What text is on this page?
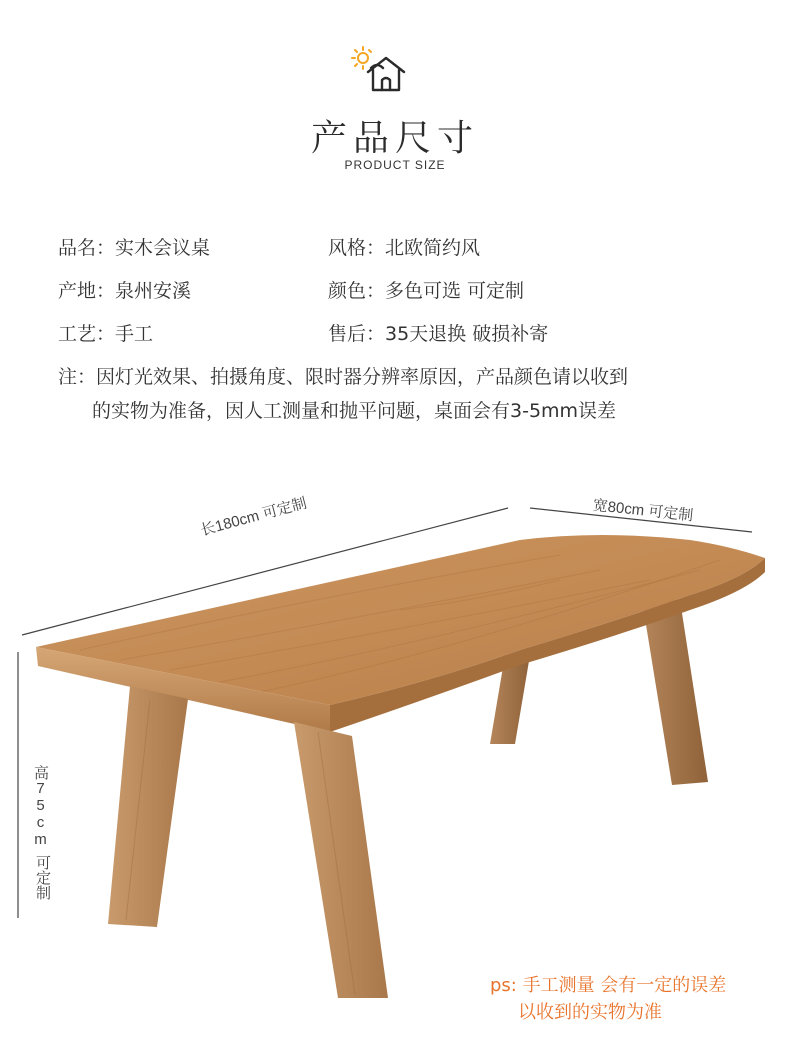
产品尺寸
PRODUCT SIZE
品名：实木会议桌	风格：北欧简约风
产地：泉州安溪	颜色：多色可选 可定制
工艺：手工	售后：35天退换 破损补寄
注：因灯光效果、拍摄角度、限时器分辨率原因，产品颜色请以收到
的实物为准备，因人工测量和抛平问题，桌面会有3-5mm误差
长180cm 可定制	宽80cm 可定制
高75cm
可定制
ps: 手工测量 会有一定的误差
以收到的实物为准
